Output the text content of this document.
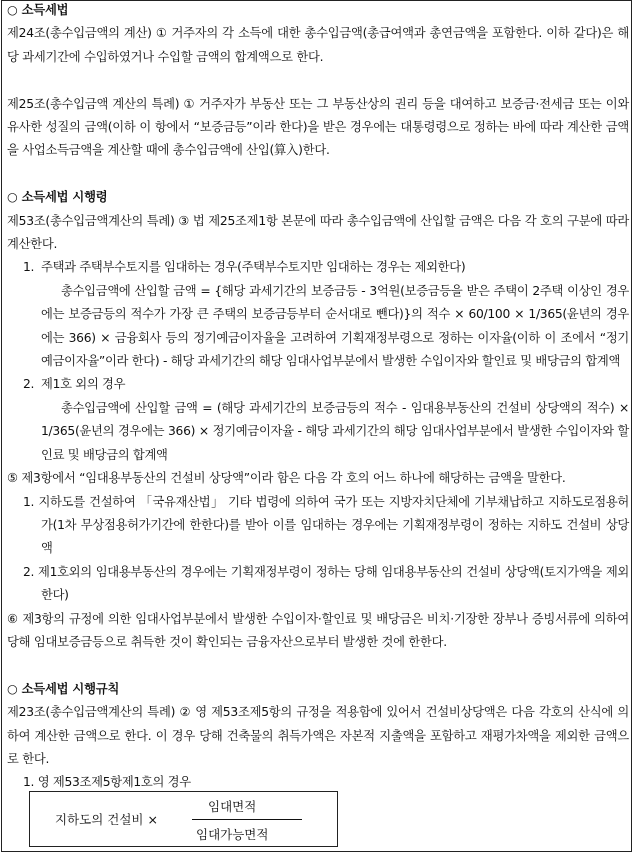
○ 소득세법

제24조(총수입금액의 계산) ① 거주자의 각 소득에 대한 총수입금액(총급여액과 총연금액을 포함한다. 이하 같다)은 해당 과세기간에 수입하였거나 수입할 금액의 합계액으로 한다.

제25조(총수입금액 계산의 특례) ① 거주자가 부동산 또는 그 부동산상의 권리 등을 대여하고 보증금·전세금 또는 이와 유사한 성질의 금액(이하 이 항에서 “보증금등”이라 한다)을 받은 경우에는 대통령령으로 정하는 바에 따라 계산한 금액을 사업소득금액을 계산할 때에 총수입금액에 산입(算入)한다.

○ 소득세법 시행령

제53조(총수입금액계산의 특례) ③ 법 제25조제1항 본문에 따라 총수입금액에 산입할 금액은 다음 각 호의 구분에 따라 계산한다.

1. 주택과 주택부수토지를 임대하는 경우(주택부수토지만 임대하는 경우는 제외한다)

총수입금액에 산입할 금액 = {해당 과세기간의 보증금등 - 3억원(보증금등을 받은 주택이 2주택 이상인 경우에는 보증금등의 적수가 가장 큰 주택의 보증금등부터 순서대로 뺀다)}의 적수 × 60/100 × 1/365(윤년의 경우에는 366) × 금융회사 등의 정기예금이자율을 고려하여 기획재정부령으로 정하는 이자율(이하 이 조에서 “정기예금이자율”이라 한다) - 해당 과세기간의 해당 임대사업부분에서 발생한 수입이자와 할인료 및 배당금의 합계액

2. 제1호 외의 경우

총수입금액에 산입할 금액 = (해당 과세기간의 보증금등의 적수 - 임대용부동산의 건설비 상당액의 적수) × 1/365(윤년의 경우에는 366) × 정기예금이자율 - 해당 과세기간의 해당 임대사업부분에서 발생한 수입이자와 할인료 및 배당금의 합계액

⑤ 제3항에서 “임대용부동산의 건설비 상당액”이라 함은 다음 각 호의 어느 하나에 해당하는 금액을 말한다.

1. 지하도를 건설하여 「국유재산법」 기타 법령에 의하여 국가 또는 지방자치단체에 기부채납하고 지하도로점용허가(1차 무상점용허가기간에 한한다)를 받아 이를 임대하는 경우에는 기획재정부령이 정하는 지하도 건설비 상당액

2. 제1호외의 임대용부동산의 경우에는 기획재정부령이 정하는 당해 임대용부동산의 건설비 상당액(토지가액을 제외한다)

⑥ 제3항의 규정에 의한 임대사업부분에서 발생한 수입이자·할인료 및 배당금은 비치·기장한 장부나 증빙서류에 의하여 당해 임대보증금등으로 취득한 것이 확인되는 금융자산으로부터 발생한 것에 한한다.

○ 소득세법 시행규칙

제23조(총수입금액계산의 특례) ② 영 제53조제5항의 규정을 적용함에 있어서 건설비상당액은 다음 각호의 산식에 의하여 계산한 금액으로 한다. 이 경우 당해 건축물의 취득가액은 자본적 지출액을 포함하고 재평가차액을 제외한 금액으로 한다.

1. 영 제53조제5항제1호의 경우

지하도의 건설비 ×
임대면적
임대가능면적
